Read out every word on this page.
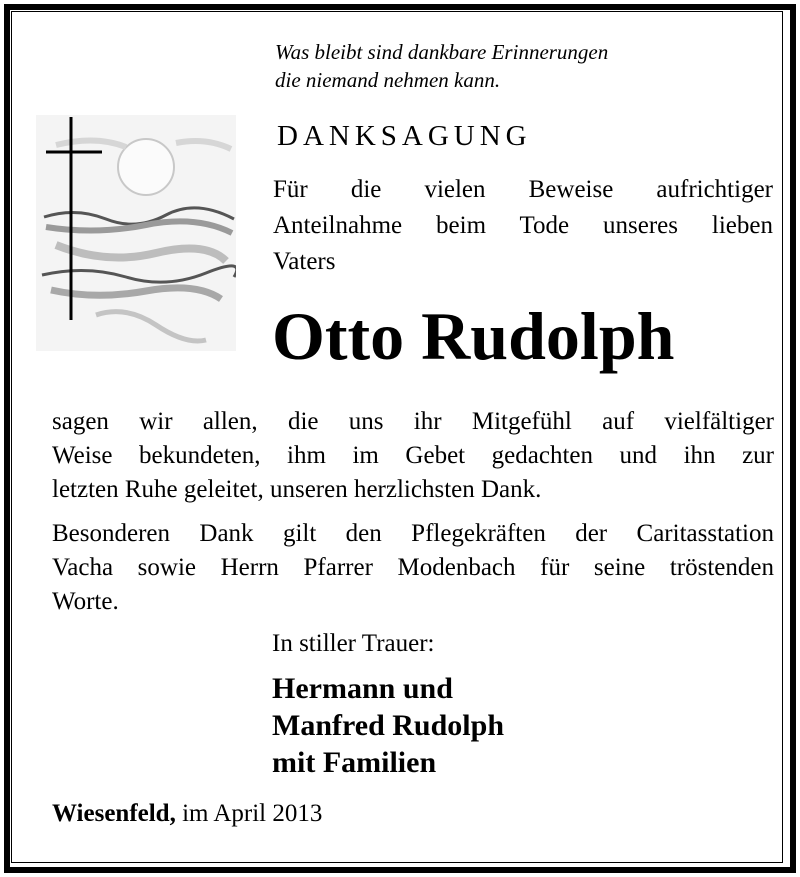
Was bleibt sind dankbare Erinnerungen
die niemand nehmen kann.
DANKSAGUNG
Für die vielen Beweise aufrichtiger
Anteilnahme beim Tode unseres lieben
Vaters
Otto Rudolph
sagen wir allen, die uns ihr Mitgefühl auf vielfältiger
Weise bekundeten, ihm im Gebet gedachten und ihn zur
letzten Ruhe geleitet, unseren herzlichsten Dank.
Besonderen Dank gilt den Pflegekräften der Caritasstation
Vacha sowie Herrn Pfarrer Modenbach für seine tröstenden
Worte.
In stiller Trauer:
Hermann und
Manfred Rudolph
mit Familien
Wiesenfeld, im April 2013
